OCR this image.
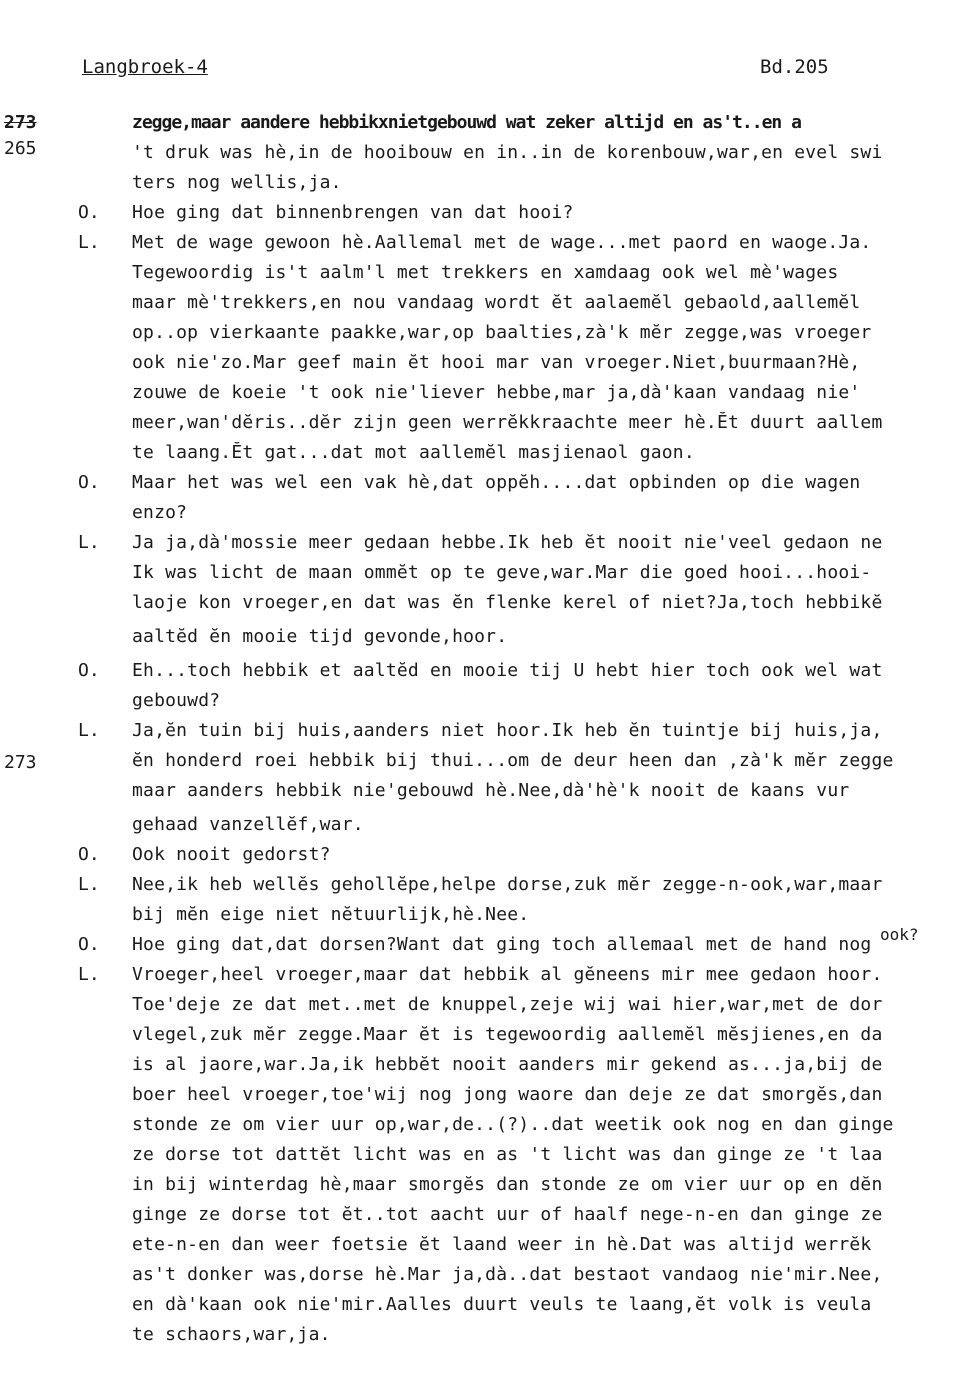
Langbroek-4	Bd.205
273
265
273
zegge,maar aandere hebbikxnietgebouwd wat zeker altijd en as't..en a
't druk was hè,in de hooibouw en in..in de korenbouw,war,en evel swi
ters nog wellis,ja.
O. Hoe ging dat binnenbrengen van dat hooi?
L. Met de wage gewoon hè.Aallemal met de wage...met paord en waoge.Ja.
Tegewoordig is't aalm'l met trekkers en xamdaag ook wel mè'wages
maar mè'trekkers,en nou vandaag wordt ĕt aalaemĕl gebaold,aallemĕl
op..op vierkaante paakke,war,op baalties,zà'k mĕr zegge,was vroeger
ook nie'zo.Mar geef main ĕt hooi mar van vroeger.Niet,buurmaan?Hè,
zouwe de koeie 't ook nie'liever hebbe,mar ja,dà'kaan vandaag nie'
meer,wan'dĕris..dĕr zijn geen werrĕkkraachte meer hè.Ĕt duurt aallem
te laang.Ĕt gat...dat mot aallemĕl masjienaol gaon.
O. Maar het was wel een vak hè,dat oppĕh....dat opbinden op die wagen
enzo?
L. Ja ja,dà'mossie meer gedaan hebbe.Ik heb ĕt nooit nie'veel gedaon ne
Ik was licht de maan ommĕt op te geve,war.Mar die goed hooi...hooi-
laoje kon vroeger,en dat was ĕn flenke kerel of niet?Ja,toch hebbikĕ
aaltĕd ĕn mooie tijd gevonde,hoor.
O. Eh...toch hebbik et aaltĕd en mooie tij U hebt hier toch ook wel wat
gebouwd?
L. Ja,ĕn tuin bij huis,aanders niet hoor.Ik heb ĕn tuintje bij huis,ja,
ĕn honderd roei hebbik bij thui...om de deur heen dan ,zà'k mĕr zegge
maar aanders hebbik nie'gebouwd hè.Nee,dà'hè'k nooit de kaans vur
gehaad vanzellĕf,war.
O. Ook nooit gedorst?
L. Nee,ik heb wellĕs gehollĕpe,helpe dorse,zuk mĕr zegge-n-ook,war,maar
bij mĕn eige niet nĕtuurlijk,hè.Nee.
O. Hoe ging dat,dat dorsen?Want dat ging toch allemaal met de hand nog
L. Vroeger,heel vroeger,maar dat hebbik al gĕneens mir mee gedaon hoor.
Toe'deje ze dat met..met de knuppel,zeje wij wai hier,war,met de dor
vlegel,zuk mĕr zegge.Maar ĕt is tegewoordig aallemĕl mĕsjienes,en da
is al jaore,war.Ja,ik hebbĕt nooit aanders mir gekend as...ja,bij de
boer heel vroeger,toe'wij nog jong waore dan deje ze dat smorgĕs,dan
stonde ze om vier uur op,war,de..(?)..dat weetik ook nog en dan ginge
ze dorse tot dattĕt licht was en as 't licht was dan ginge ze 't laa
in bij winterdag hè,maar smorgĕs dan stonde ze om vier uur op en dĕn
ginge ze dorse tot ĕt..tot aacht uur of haalf nege-n-en dan ginge ze
ete-n-en dan weer foetsie ĕt laand weer in hè.Dat was altijd werrĕk
as't donker was,dorse hè.Mar ja,dà..dat bestaot vandaog nie'mir.Nee,
en dà'kaan ook nie'mir.Aalles duurt veuls te laang,ĕt volk is veula
te schaors,war,ja.
ook?
